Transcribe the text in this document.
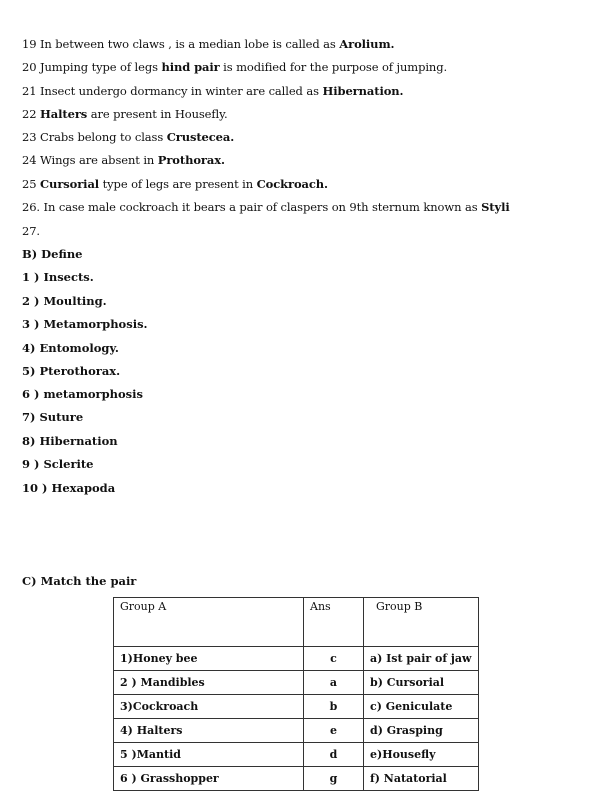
19 In between two claws , is a median lobe is called as Arolium.
20 Jumping type of legs hind pair is modified for the purpose of jumping.
21 Insect undergo dormancy in winter are called as Hibernation.
22 Halters are present in Housefly.
23 Crabs belong to class Crustecea.
24 Wings are absent in Prothorax.
25 Cursorial type of legs are present in Cockroach.
26. In case male cockroach it bears a pair of claspers on 9th sternum known as Styli
27.
B) Define
1 ) Insects.
2 ) Moulting.
3 ) Metamorphosis.
4) Entomology.
5) Pterothorax.
6 ) metamorphosis
7) Suture
8) Hibernation
9 ) Sclerite
10 ) Hexapoda
C) Match the pair
Group A	Ans	Group B
1)Honey bee	c	a) Ist pair of jaw
2 ) Mandibles	a	b) Cursorial
3)Cockroach	b	c) Geniculate
4) Halters	e	d) Grasping
5 )Mantid	d	e)Housefly
6 ) Grasshopper	g	f) Natatorial
